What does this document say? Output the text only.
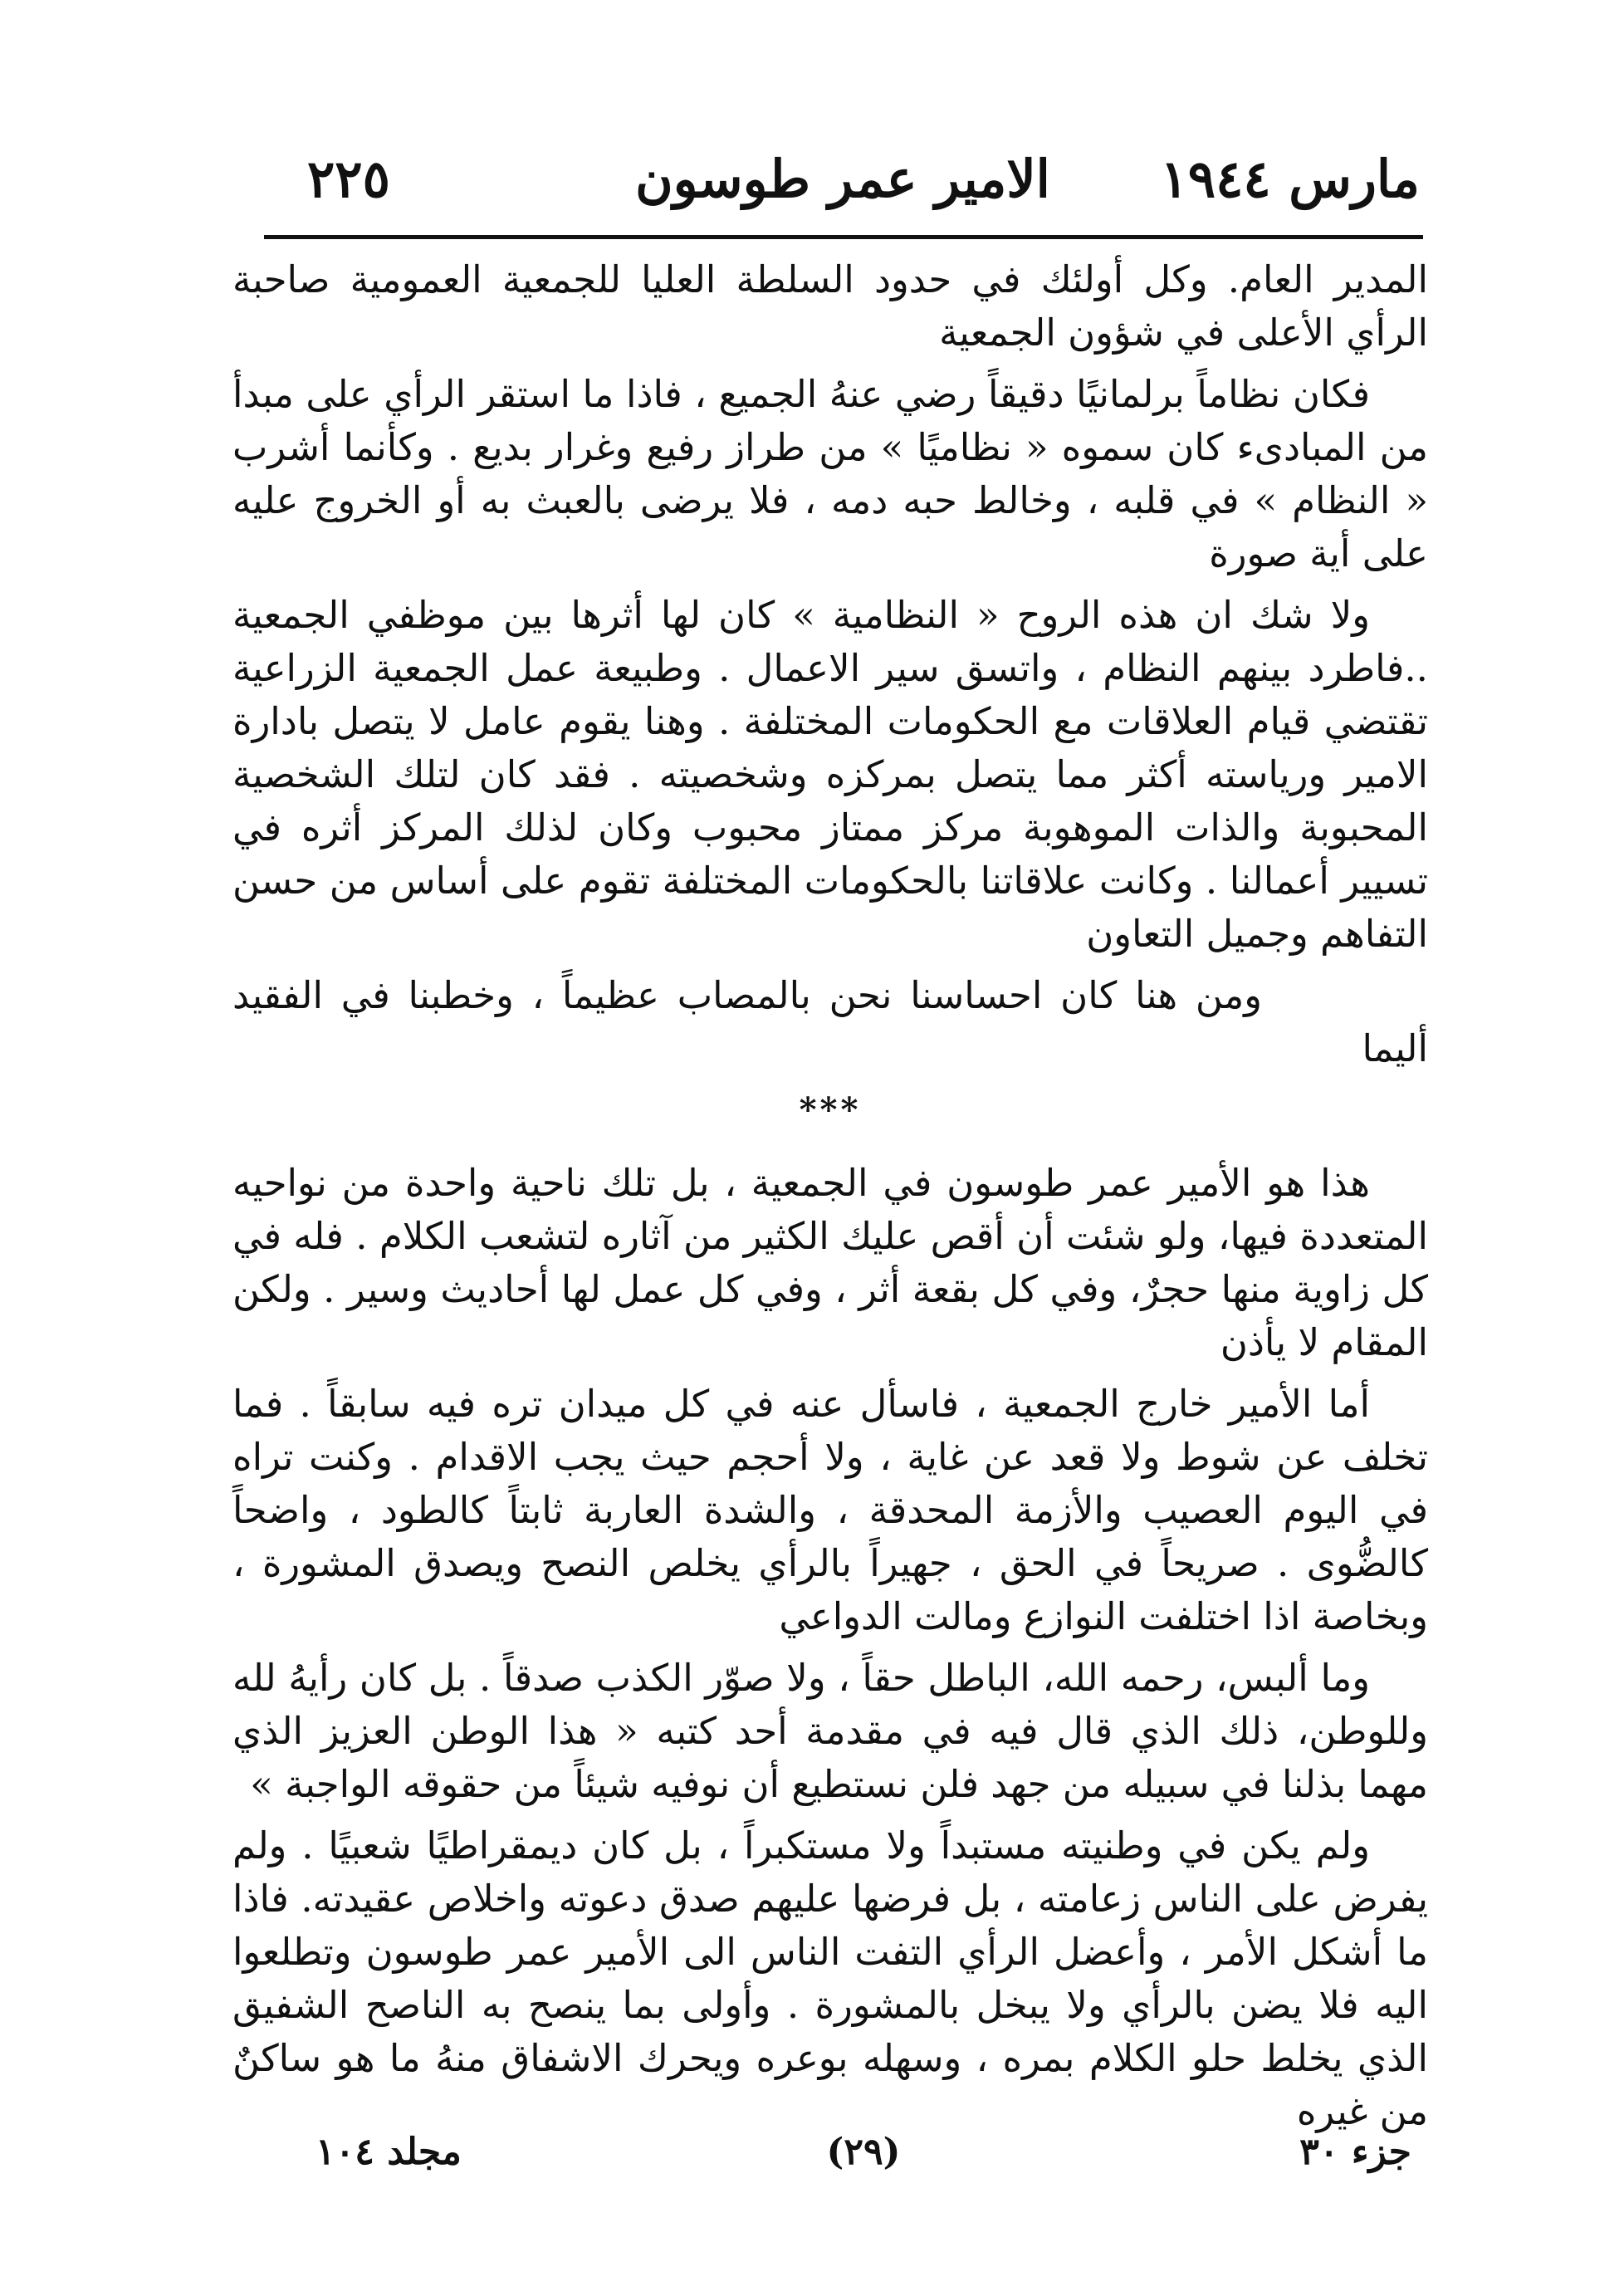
مارس ١٩٤٤
الامير عمر طوسون
٢٢٥

المدير العام. وكل أولئك في حدود السلطة العليا للجمعية العمومية صاحبة الرأي الأعلى في شؤون الجمعية

فكان نظاماً برلمانيًا دقيقاً رضي عنهُ الجميع ، فاذا ما استقر الرأي على مبدأ من المبادىء كان سموه « نظاميًا » من طراز رفيع وغرار بديع . وكأنما أشرب « النظام » في قلبه ، وخالط حبه دمه ، فلا يرضى بالعبث به أو الخروج عليه على أية صورة

ولا شك ان هذه الروح « النظامية » كان لها أثرها بين موظفي الجمعية ..فاطرد بينهم النظام ، واتسق سير الاعمال . وطبيعة عمل الجمعية الزراعية تقتضي قيام العلاقات مع الحكومات المختلفة . وهنا يقوم عامل لا يتصل بادارة الامير ورياسته أكثر مما يتصل بمركزه وشخصيته . فقد كان لتلك الشخصية المحبوبة والذات الموهوبة مركز ممتاز محبوب وكان لذلك المركز أثره في تسيير أعمالنا . وكانت علاقاتنا بالحكومات المختلفة تقوم على أساس من حسن التفاهم وجميل التعاون

ومن هنا كان احساسنا نحن بالمصاب عظيماً ، وخطبنا في الفقيد أليما

***

هذا هو الأمير عمر طوسون في الجمعية ، بل تلك ناحية واحدة من نواحيه المتعددة فيها، ولو شئت أن أقص عليك الكثير من آثاره لتشعب الكلام . فله في كل زاوية منها حجرٌ، وفي كل بقعة أثر ، وفي كل عمل لها أحاديث وسير . ولكن المقام لا يأذن

أما الأمير خارج الجمعية ، فاسأل عنه في كل ميدان تره فيه سابقاً . فما تخلف عن شوط ولا قعد عن غاية ، ولا أحجم حيث يجب الاقدام . وكنت تراه في اليوم العصيب والأزمة المحدقة ، والشدة العاربة ثابتاً كالطود ، واضحاً كالضُّوى . صريحاً في الحق ، جهيراً بالرأي يخلص النصح ويصدق المشورة ، وبخاصة اذا اختلفت النوازع ومالت الدواعي

وما ألبس، رحمه الله، الباطل حقاً ، ولا صوّر الكذب صدقاً . بل كان رأيهُ لله وللوطن، ذلك الذي قال فيه في مقدمة أحد كتبه « هذا الوطن العزيز الذي مهما بذلنا في سبيله من جهد فلن نستطيع أن نوفيه شيئاً من حقوقه الواجبة »

ولم يكن في وطنيته مستبداً ولا مستكبراً ، بل كان ديمقراطيًا شعبيًا . ولم يفرض على الناس زعامته ، بل فرضها عليهم صدق دعوته واخلاص عقيدته. فاذا ما أشكل الأمر ، وأعضل الرأي التفت الناس الى الأمير عمر طوسون وتطلعوا اليه فلا يضن بالرأي ولا يبخل بالمشورة . وأولى بما ينصح به الناصح الشفيق الذي يخلط حلو الكلام بمره ، وسهله بوعره ويحرك الاشفاق منهُ ما هو ساكنٌ من غيره

جزء ٣٠
(٢٩)
مجلد ١٠٤
